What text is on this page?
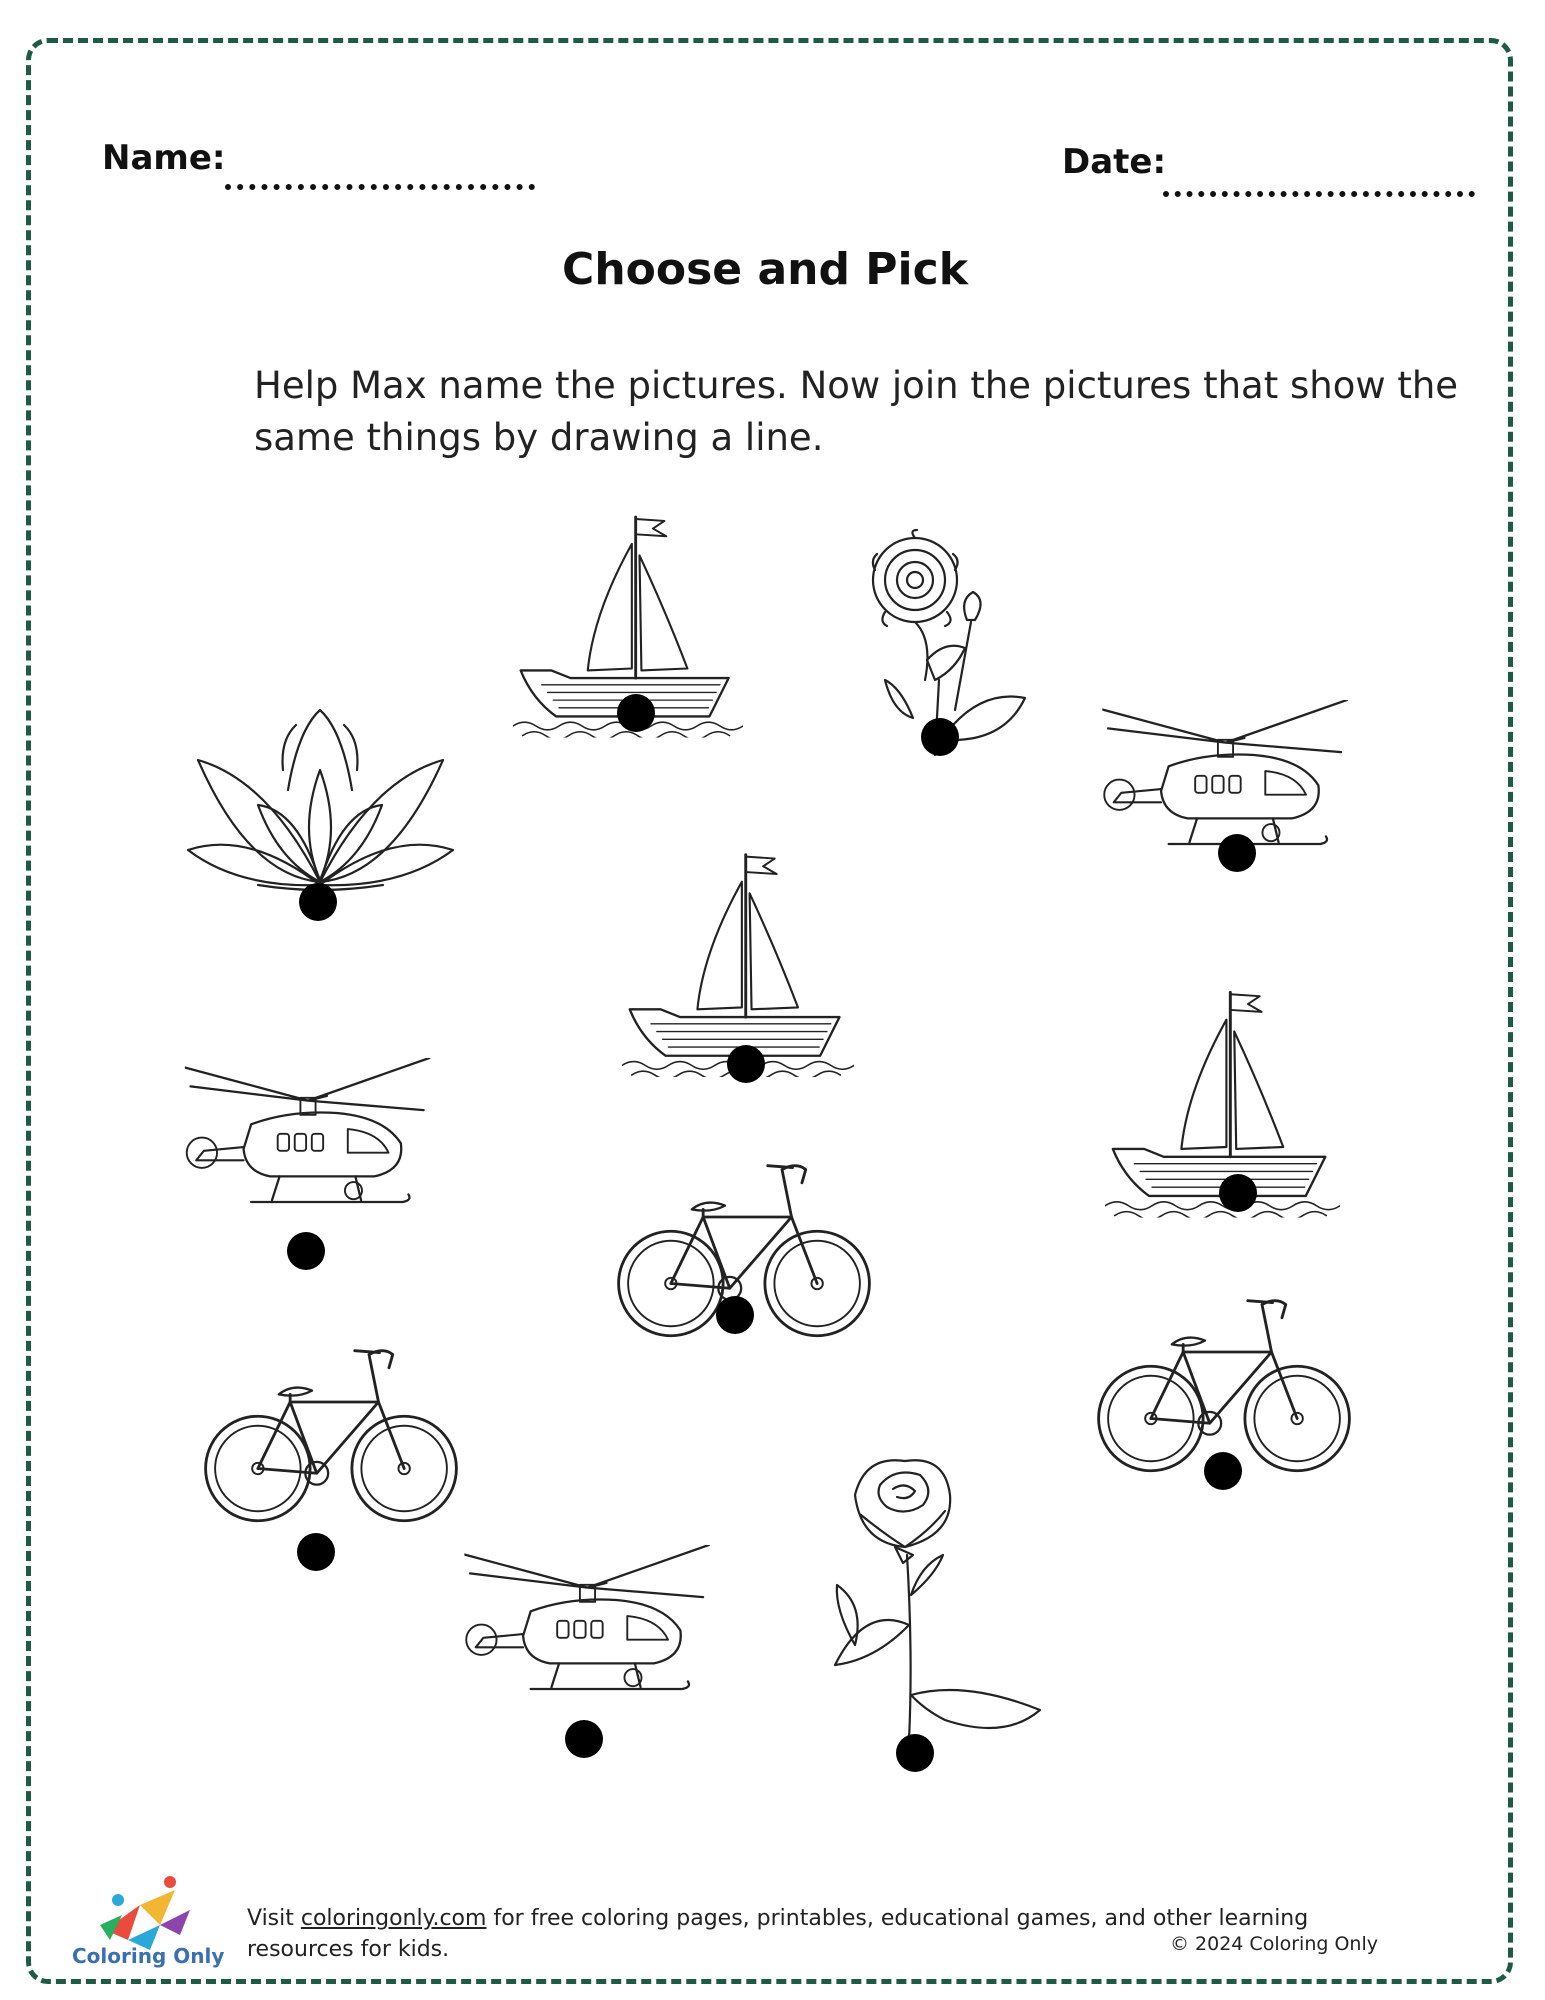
Name:	Date:
Choose and Pick
Help Max name the pictures. Now join the pictures that show the same things by drawing a line.
Coloring Only
Visit coloringonly.com for free coloring pages, printables, educational games, and other learning resources for kids.	© 2024 Coloring Only
